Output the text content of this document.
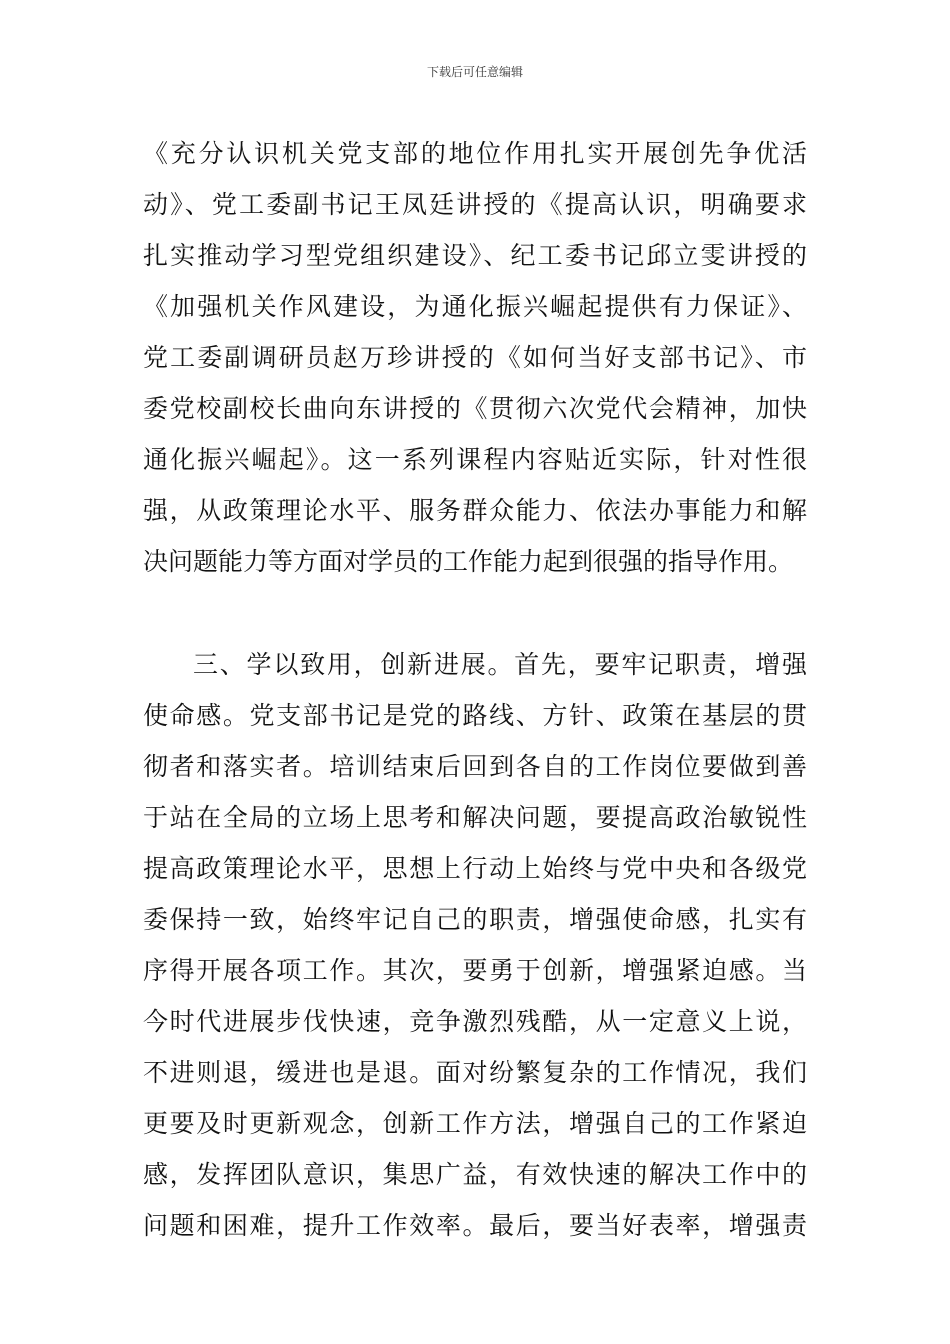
下载后可任意编辑
《充分认识机关党支部的地位作用扎实开展创先争优活
动》、党工委副书记王凤廷讲授的《提高认识，明确要求
扎实推动学习型党组织建设》、纪工委书记邱立雯讲授的
《加强机关作风建设，为通化振兴崛起提供有力保证》、
党工委副调研员赵万珍讲授的《如何当好支部书记》、市
委党校副校长曲向东讲授的《贯彻六次党代会精神，加快
通化振兴崛起》。这一系列课程内容贴近实际，针对性很
强，从政策理论水平、服务群众能力、依法办事能力和解
决问题能力等方面对学员的工作能力起到很强的指导作用。
三、学以致用，创新进展。首先，要牢记职责，增强
使命感。党支部书记是党的路线、方针、政策在基层的贯
彻者和落实者。培训结束后回到各自的工作岗位要做到善
于站在全局的立场上思考和解决问题，要提高政治敏锐性
提高政策理论水平，思想上行动上始终与党中央和各级党
委保持一致，始终牢记自己的职责，增强使命感，扎实有
序得开展各项工作。其次，要勇于创新，增强紧迫感。当
今时代进展步伐快速，竞争激烈残酷，从一定意义上说，
不进则退，缓进也是退。面对纷繁复杂的工作情况，我们
更要及时更新观念，创新工作方法，增强自己的工作紧迫
感，发挥团队意识，集思广益，有效快速的解决工作中的
问题和困难，提升工作效率。最后，要当好表率，增强责
